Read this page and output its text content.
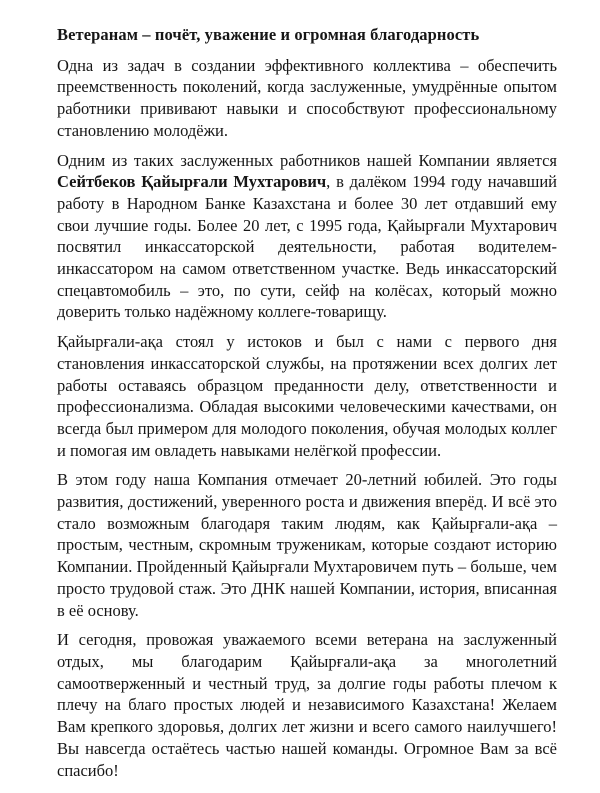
Ветеранам – почёт, уважение и огромная благодарность

Одна из задач в создании эффективного коллектива – обеспечить преемственность поколений, когда заслуженные, умудрённые опытом работники прививают навыки и способствуют профессиональному становлению молодёжи.

Одним из таких заслуженных работников нашей Компании является Сейтбеков Қайырғали Мухтарович, в далёком 1994 году начавший работу в Народном Банке Казахстана и более 30 лет отдавший ему свои лучшие годы. Более 20 лет, с 1995 года, Қайырғали Мухтарович посвятил инкассаторской деятельности, работая водителем-инкассатором на самом ответственном участке. Ведь инкассаторский спецавтомобиль – это, по сути, сейф на колёсах, который можно доверить только надёжному коллеге-товарищу.

Қайырғали-ақа стоял у истоков и был с нами с первого дня становления инкассаторской службы, на протяжении всех долгих лет работы оставаясь образцом преданности делу, ответственности и профессионализма. Обладая высокими человеческими качествами, он всегда был примером для молодого поколения, обучая молодых коллег и помогая им овладеть навыками нелёгкой профессии.

В этом году наша Компания отмечает 20-летний юбилей. Это годы развития, достижений, уверенного роста и движения вперёд. И всё это стало возможным благодаря таким людям, как Қайырғали-ақа – простым, честным, скромным труженикам, которые создают историю Компании. Пройденный Қайырғали Мухтаровичем путь – больше, чем просто трудовой стаж. Это ДНК нашей Компании, история, вписанная в её основу.

И сегодня, провожая уважаемого всеми ветерана на заслуженный отдых, мы благодарим Қайырғали-ақа за многолетний самоотверженный и честный труд, за долгие годы работы плечом к плечу на благо простых людей и независимого Казахстана! Желаем Вам крепкого здоровья, долгих лет жизни и всего самого наилучшего! Вы навсегда остаётесь частью нашей команды. Огромное Вам за всё спасибо!
